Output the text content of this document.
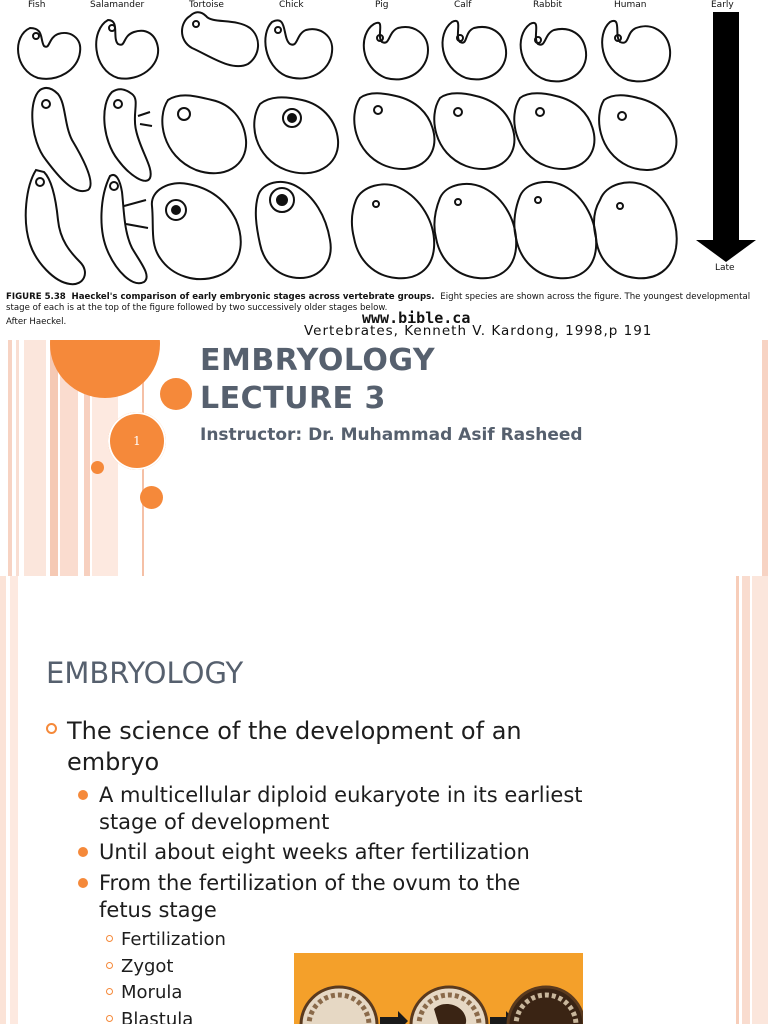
Fish	Salamander	Tortoise	Chick	Pig	Calf	Rabbit	Human	Early
Late
FIGURE 5.38 Haeckel's comparison of early embryonic stages across vertebrate groups. Eight species are shown across the figure. The youngest developmental stage of each is at the top of the figure followed by two successively older stages below.
After Haeckel.	www.bible.ca
Vertebrates, Kenneth V. Kardong, 1998,p 191
1
EMBRYOLOGY
LECTURE 3
Instructor: Dr. Muhammad Asif Rasheed
EMBRYOLOGY
The science of the development of an embryo
A multicellular diploid eukaryote in its earliest stage of development
Until about eight weeks after fertilization
From the fertilization of the ovum to the fetus stage
Fertilization
Zygot
Morula
Blastula
